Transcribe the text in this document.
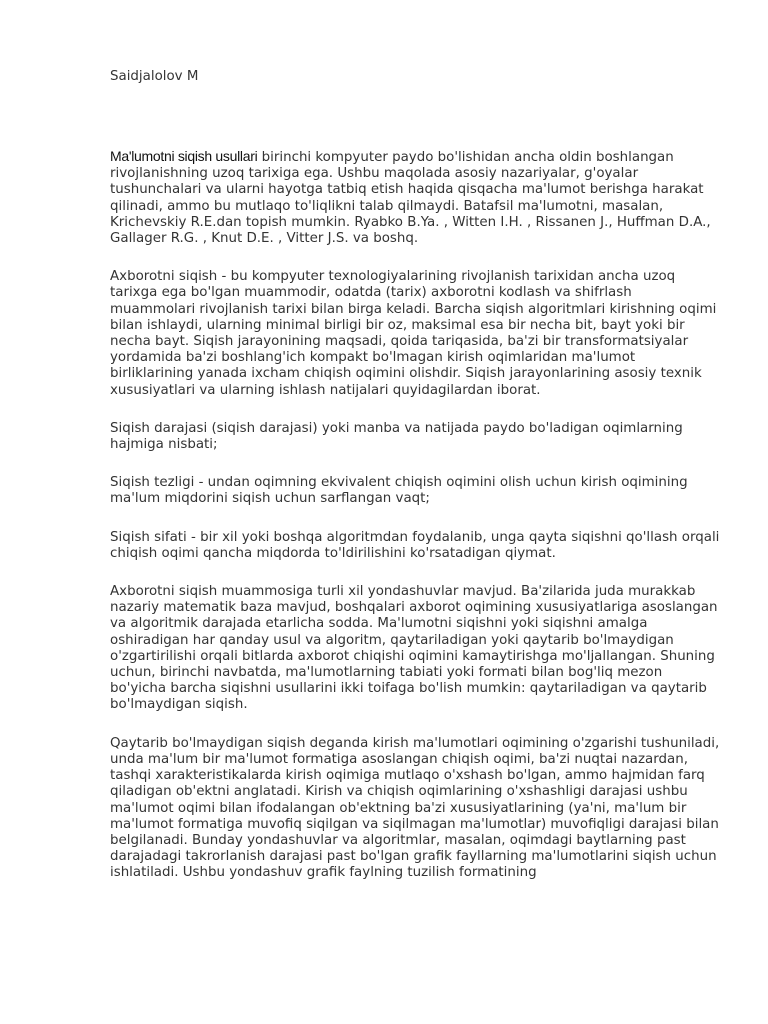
Saidjalolov M

Ma'lumotni siqish usullari birinchi kompyuter paydo bo'lishidan ancha oldin boshlangan rivojlanishning uzoq tarixiga ega. Ushbu maqolada asosiy nazariyalar, g'oyalar tushunchalari va ularni hayotga tatbiq etish haqida qisqacha ma'lumot berishga harakat qilinadi, ammo bu mutlaqo to'liqlikni talab qilmaydi. Batafsil ma'lumotni, masalan, Krichevskiy R.E.dan topish mumkin. Ryabko B.Ya. , Witten I.H. , Rissanen J., Huffman D.A., Gallager R.G. , Knut D.E. , Vitter J.S. va boshq.

Axborotni siqish - bu kompyuter texnologiyalarining rivojlanish tarixidan ancha uzoq tarixga ega bo'lgan muammodir, odatda (tarix) axborotni kodlash va shifrlash muammolari rivojlanish tarixi bilan birga keladi. Barcha siqish algoritmlari kirishning oqimi bilan ishlaydi, ularning minimal birligi bir oz, maksimal esa bir necha bit, bayt yoki bir necha bayt. Siqish jarayonining maqsadi, qoida tariqasida, ba'zi bir transformatsiyalar yordamida ba'zi boshlang'ich kompakt bo'lmagan kirish oqimlaridan ma'lumot birliklarining yanada ixcham chiqish oqimini olishdir. Siqish jarayonlarining asosiy texnik xususiyatlari va ularning ishlash natijalari quyidagilardan iborat.

Siqish darajasi (siqish darajasi) yoki manba va natijada paydo bo'ladigan oqimlarning hajmiga nisbati;

Siqish tezligi - undan oqimning ekvivalent chiqish oqimini olish uchun kirish oqimining ma'lum miqdorini siqish uchun sarflangan vaqt;

Siqish sifati - bir xil yoki boshqa algoritmdan foydalanib, unga qayta siqishni qo'llash orqali chiqish oqimi qancha miqdorda to'ldirilishini ko'rsatadigan qiymat.

Axborotni siqish muammosiga turli xil yondashuvlar mavjud. Ba'zilarida juda murakkab nazariy matematik baza mavjud, boshqalari axborot oqimining xususiyatlariga asoslangan va algoritmik darajada etarlicha sodda. Ma'lumotni siqishni yoki siqishni amalga oshiradigan har qanday usul va algoritm, qaytariladigan yoki qaytarib bo'lmaydigan o'zgartirilishi orqali bitlarda axborot chiqishi oqimini kamaytirishga mo'ljallangan. Shuning uchun, birinchi navbatda, ma'lumotlarning tabiati yoki formati bilan bog'liq mezon bo'yicha barcha siqishni usullarini ikki toifaga bo'lish mumkin: qaytariladigan va qaytarib bo'lmaydigan siqish.

Qaytarib bo'lmaydigan siqish deganda kirish ma'lumotlari oqimining o'zgarishi tushuniladi, unda ma'lum bir ma'lumot formatiga asoslangan chiqish oqimi, ba'zi nuqtai nazardan, tashqi xarakteristikalarda kirish oqimiga mutlaqo o'xshash bo'lgan, ammo hajmidan farq qiladigan ob'ektni anglatadi. Kirish va chiqish oqimlarining o'xshashligi darajasi ushbu ma'lumot oqimi bilan ifodalangan ob'ektning ba'zi xususiyatlarining (ya'ni, ma'lum bir ma'lumot formatiga muvofiq siqilgan va siqilmagan ma'lumotlar) muvofiqligi darajasi bilan belgilanadi. Bunday yondashuvlar va algoritmlar, masalan, oqimdagi baytlarning past darajadagi takrorlanish darajasi past bo'lgan grafik fayllarning ma'lumotlarini siqish uchun ishlatiladi. Ushbu yondashuv grafik faylning tuzilish formatining
